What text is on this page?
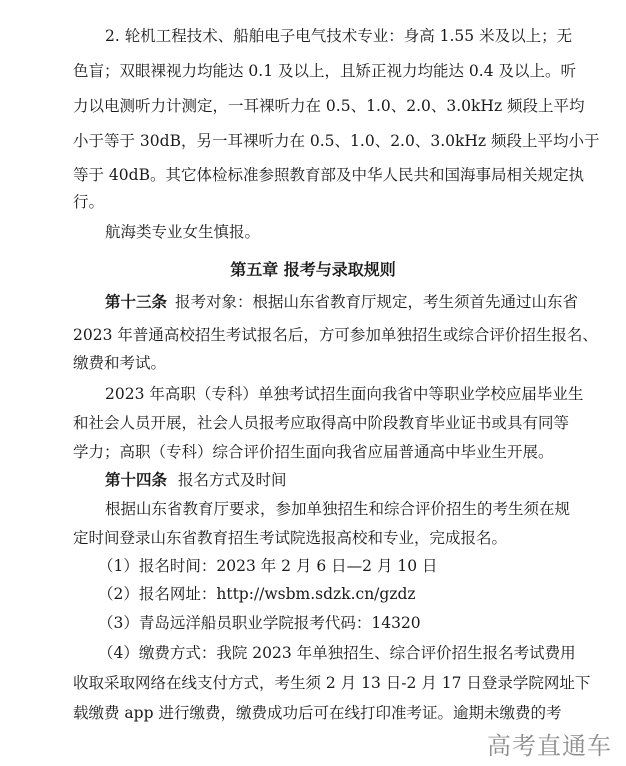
2. 轮机工程技术、船舶电子电气技术专业：身高 1.55 米及以上；无
色盲；双眼裸视力均能达 0.1 及以上，且矫正视力均能达 0.4 及以上。听
力以电测听力计测定，一耳裸听力在 0.5、1.0、2.0、3.0kHz 频段上平均
小于等于 30dB，另一耳裸听力在 0.5、1.0、2.0、3.0kHz 频段上平均小于
等于 40dB。其它体检标准参照教育部及中华人民共和国海事局相关规定执
行。
航海类专业女生慎报。
第五章 报考与录取规则
第十三条 报考对象：根据山东省教育厅规定，考生须首先通过山东省
2023 年普通高校招生考试报名后，方可参加单独招生或综合评价招生报名、
缴费和考试。
2023 年高职（专科）单独考试招生面向我省中等职业学校应届毕业生
和社会人员开展，社会人员报考应取得高中阶段教育毕业证书或具有同等
学力；高职（专科）综合评价招生面向我省应届普通高中毕业生开展。
第十四条 报名方式及时间
根据山东省教育厅要求，参加单独招生和综合评价招生的考生须在规
定时间登录山东省教育招生考试院选报高校和专业，完成报名。
（1）报名时间：2023 年 2 月 6 日—2 月 10 日
（2）报名网址：http://wsbm.sdzk.cn/gzdz
（3）青岛远洋船员职业学院报考代码：14320
（4）缴费方式：我院 2023 年单独招生、综合评价招生报名考试费用
收取采取网络在线支付方式，考生须 2 月 13 日-2 月 17 日登录学院网址下
载缴费 app 进行缴费，缴费成功后可在线打印准考证。逾期未缴费的考
高考直通车
